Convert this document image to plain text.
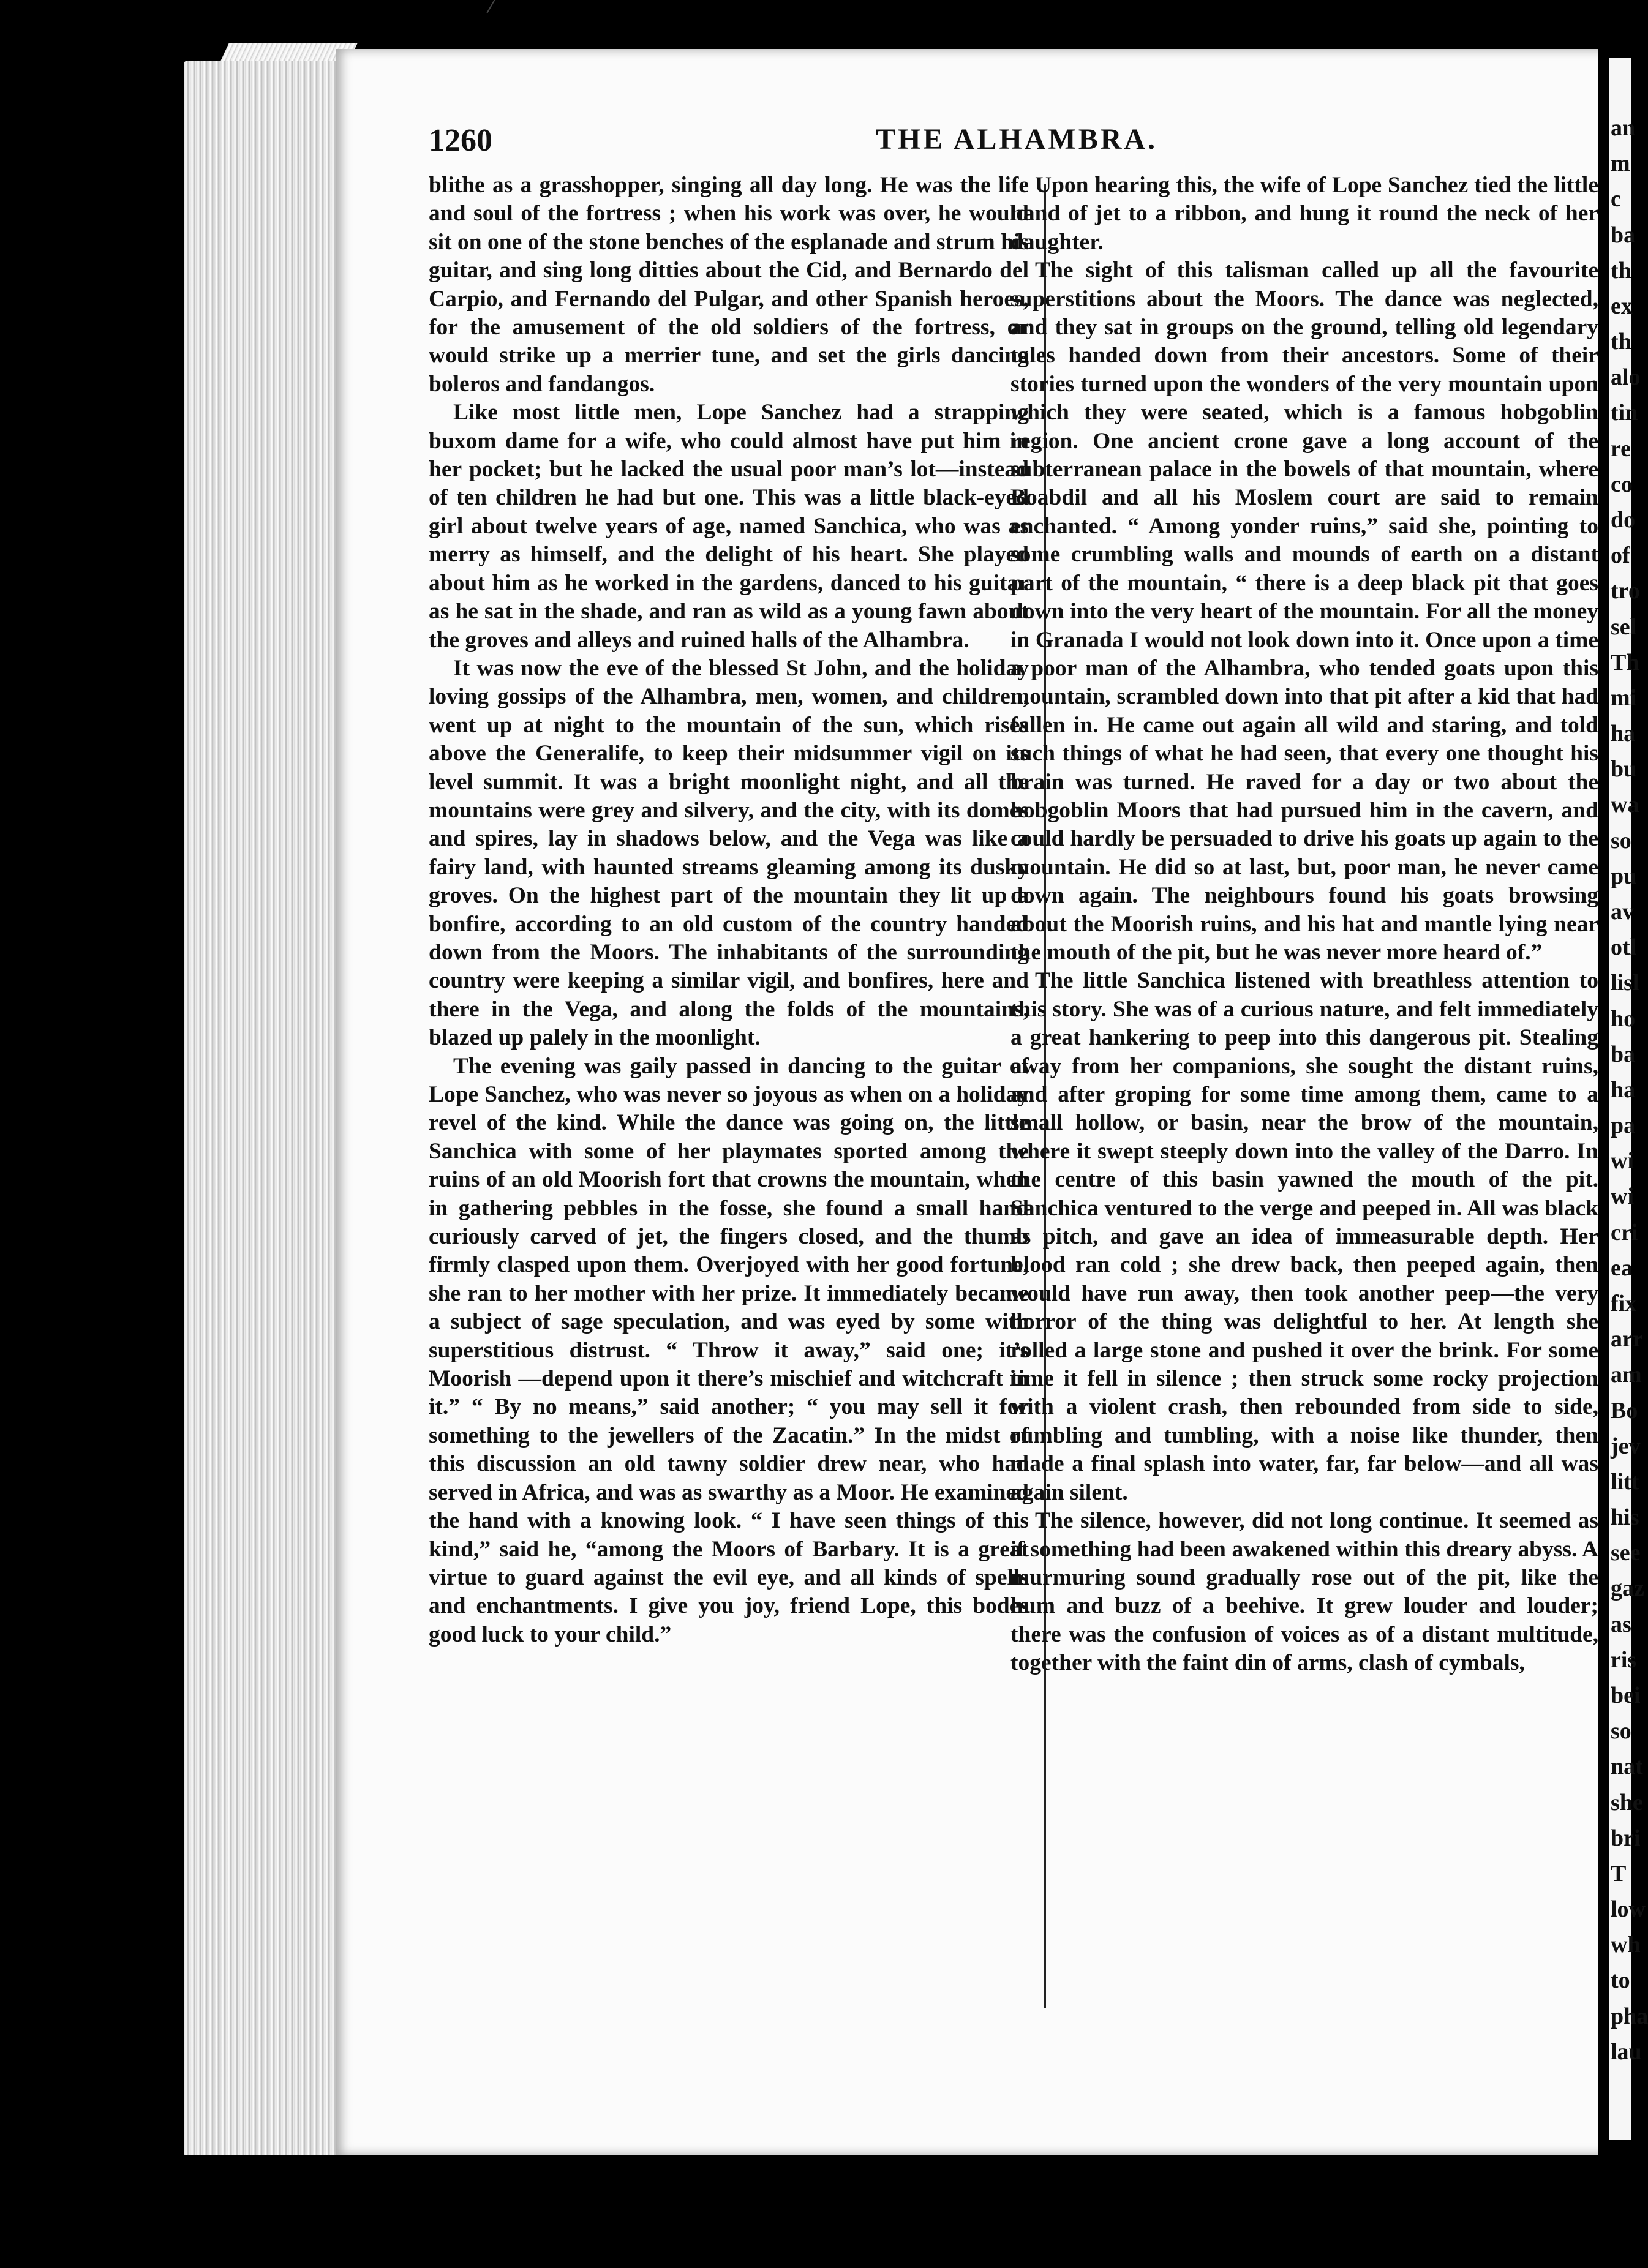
1260	THE ALHAMBRA.

blithe as a grasshopper, singing all day long. He was the life and soul of the fortress ; when his work was over, he would sit on one of the stone benches of the esplanade and strum his guitar, and sing long ditties about the Cid, and Bernardo del Carpio, and Fernando del Pulgar, and other Spanish heroes, for the amusement of the old soldiers of the fortress, or would strike up a merrier tune, and set the girls dancing boleros and fandangos.

Like most little men, Lope Sanchez had a strapping buxom dame for a wife, who could almost have put him in her pocket; but he lacked the usual poor man’s lot—instead of ten children he had but one. This was a little black-eyed girl about twelve years of age, named Sanchica, who was as merry as himself, and the delight of his heart. She played about him as he worked in the gardens, danced to his guitar as he sat in the shade, and ran as wild as a young fawn about the groves and alleys and ruined halls of the Alhambra.

It was now the eve of the blessed St John, and the holiday loving gossips of the Alhambra, men, women, and children, went up at night to the mountain of the sun, which rises above the Generalife, to keep their midsummer vigil on its level summit. It was a bright moonlight night, and all the mountains were grey and silvery, and the city, with its domes and spires, lay in shadows below, and the Vega was like a fairy land, with haunted streams gleaming among its dusky groves. On the highest part of the mountain they lit up a bonfire, according to an old custom of the country handed down from the Moors. The inhabitants of the surrounding country were keeping a similar vigil, and bonfires, here and there in the Vega, and along the folds of the mountains, blazed up palely in the moonlight.

The evening was gaily passed in dancing to the guitar of Lope Sanchez, who was never so joyous as when on a holiday revel of the kind. While the dance was going on, the little Sanchica with some of her playmates sported among the ruins of an old Moorish fort that crowns the mountain, when in gathering pebbles in the fosse, she found a small hand curiously carved of jet, the fingers closed, and the thumb firmly clasped upon them. Overjoyed with her good fortune, she ran to her mother with her prize. It immediately became a subject of sage speculation, and was eyed by some with superstitious distrust. “ Throw it away,” said one; it’s Moorish —depend upon it there’s mischief and witchcraft in it.” “ By no means,” said another; “ you may sell it for something to the jewellers of the Zacatin.” In the midst of this discussion an old tawny soldier drew near, who had served in Africa, and was as swarthy as a Moor. He examined the hand with a knowing look. “ I have seen things of this kind,” said he, “among the Moors of Barbary. It is a great virtue to guard against the evil eye, and all kinds of spells and enchantments. I give you joy, friend Lope, this bodes good luck to your child.”

Upon hearing this, the wife of Lope Sanchez tied the little hand of jet to a ribbon, and hung it round the neck of her daughter.

The sight of this talisman called up all the favourite superstitions about the Moors. The dance was neglected, and they sat in groups on the ground, telling old legendary tales handed down from their ancestors. Some of their stories turned upon the wonders of the very mountain upon which they were seated, which is a famous hobgoblin region. One ancient crone gave a long account of the subterranean palace in the bowels of that mountain, where Boabdil and all his Moslem court are said to remain enchanted. “ Among yonder ruins,” said she, pointing to some crumbling walls and mounds of earth on a distant part of the mountain, “ there is a deep black pit that goes down into the very heart of the mountain. For all the money in Granada I would not look down into it. Once upon a time a poor man of the Alhambra, who tended goats upon this mountain, scrambled down into that pit after a kid that had fallen in. He came out again all wild and staring, and told such things of what he had seen, that every one thought his brain was turned. He raved for a day or two about the hobgoblin Moors that had pursued him in the cavern, and could hardly be persuaded to drive his goats up again to the mountain. He did so at last, but, poor man, he never came down again. The neighbours found his goats browsing about the Moorish ruins, and his hat and mantle lying near the mouth of the pit, but he was never more heard of.”

The little Sanchica listened with breathless attention to this story. She was of a curious nature, and felt immediately a great hankering to peep into this dangerous pit. Stealing away from her companions, she sought the distant ruins, and after groping for some time among them, came to a small hollow, or basin, near the brow of the mountain, where it swept steeply down into the valley of the Darro. In the centre of this basin yawned the mouth of the pit. Sanchica ventured to the verge and peeped in. All was black as pitch, and gave an idea of immeasurable depth. Her blood ran cold ; she drew back, then peeped again, then would have run away, then took another peep—the very horror of the thing was delightful to her. At length she rolled a large stone and pushed it over the brink. For some time it fell in silence ; then struck some rocky projection with a violent crash, then rebounded from side to side, rumbling and tumbling, with a noise like thunder, then made a final splash into water, far, far below—and all was again silent.

The silence, however, did not long continue. It seemed as if something had been awakened within this dreary abyss. A murmuring sound gradually rose out of the pit, like the hum and buzz of a beehive. It grew louder and louder; there was the confusion of voices as of a distant multitude, together with the faint din of arms, clash of cymbals,

an
m
c
ba
th
ex
th
alo
tin
re
co
do
of
tro
sel
Th
mi
ha
bu
wa
so
pu
av
otl
lisl
ho
ba
ha
pa
wi
wi
cri
ea
fix
arr
am
Bo
jev
litt
his
see
gaz
as
ris
bei
so
nat
she
bri
T
low
wh
to
pha
lau
